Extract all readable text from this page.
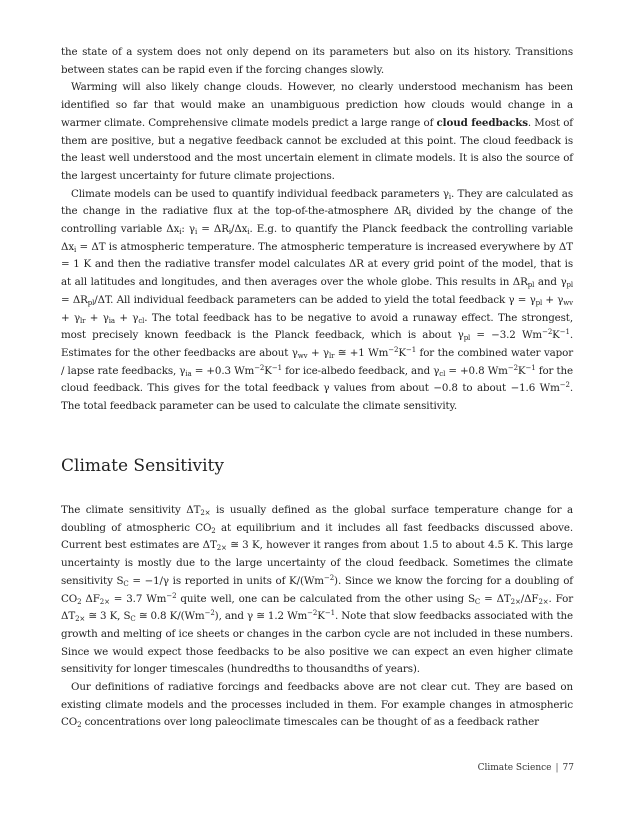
the state of a system does not only depend on its parameters but also on its history. Transitions between states can be rapid even if the forcing changes slowly.

Warming will also likely change clouds. However, no clearly understood mechanism has been identified so far that would make an unambiguous prediction how clouds would change in a warmer climate. Comprehensive climate models predict a large range of cloud feedbacks. Most of them are positive, but a negative feedback cannot be excluded at this point. The cloud feedback is the least well understood and the most uncertain element in climate models. It is also the source of the largest uncertainty for future climate projections.

Climate models can be used to quantify individual feedback parameters $\gamma_i$. They are calculated as the change in the radiative flux at the top-of-the-atmosphere $\Delta R_i$ divided by the change of the controlling variable $\Delta x_i$: $\gamma_i = \Delta R_i/\Delta x_i$. E.g. to quantify the Planck feedback the controlling variable $\Delta x_i = \Delta T$ is atmospheric temperature. The atmospheric temperature is increased everywhere by ΔT = 1 K and then the radiative transfer model calculates ΔR at every grid point of the model, that is at all latitudes and longitudes, and then averages over the whole globe. This results in $\Delta R_{pl}$ and $\gamma_{pl} = \Delta R_{pl}/\Delta T$. All individual feedback parameters can be added to yield the total feedback $\gamma = \gamma_{pl} + \gamma_{wv} + \gamma_{lr} + \gamma_{ia} + \gamma_{cl}$. The total feedback has to be negative to avoid a runaway effect. The strongest, most precisely known feedback is the Planck feedback, which is about $\gamma_{pl} = -3.2$ $Wm^{-2}K^{-1}$. Estimates for the other feedbacks are about $\gamma_{wv} + \gamma_{lr}$ ≅ +1 $Wm^{-2}K^{-1}$ for the combined water vapor / lapse rate feedbacks, $\gamma_{ia} = +0.3$ $Wm^{-2}K^{-1}$ for ice-albedo feedback, and $\gamma_{cl} = +0.8$ $Wm^{-2}K^{-1}$ for the cloud feedback. This gives for the total feedback γ values from about −0.8 to about −1.6 $Wm^{-2}$. The total feedback parameter can be used to calculate the climate sensitivity.

Climate Sensitivity

The climate sensitivity $\Delta T_{2\times}$ is usually defined as the global surface temperature change for a doubling of atmospheric $CO_2$ at equilibrium and it includes all fast feedbacks discussed above. Current best estimates are $\Delta T_{2\times}$ ≅ 3 K, however it ranges from about 1.5 to about 4.5 K. This large uncertainty is mostly due to the large uncertainty of the cloud feedback. Sometimes the climate sensitivity $S_C = -1/\gamma$ is reported in units of $K/(Wm^{-2})$. Since we know the forcing for a doubling of $CO_2$ $\Delta F_{2\times} = 3.7$ $Wm^{-2}$ quite well, one can be calculated from the other using $S_C = \Delta T_{2\times}/\Delta F_{2\times}$. For $\Delta T_{2\times}$ ≅ 3 K, $S_C$ ≅ 0.8 $K/(Wm^{-2})$, and γ ≅ 1.2 $Wm^{-2}K^{-1}$. Note that slow feedbacks associated with the growth and melting of ice sheets or changes in the carbon cycle are not included in these numbers. Since we would expect those feedbacks to be also positive we can expect an even higher climate sensitivity for longer timescales (hundredths to thousandths of years).

Our definitions of radiative forcings and feedbacks above are not clear cut. They are based on existing climate models and the processes included in them. For example changes in atmospheric $CO_2$ concentrations over long paleoclimate timescales can be thought of as a feedback rather

Climate Science | 77
